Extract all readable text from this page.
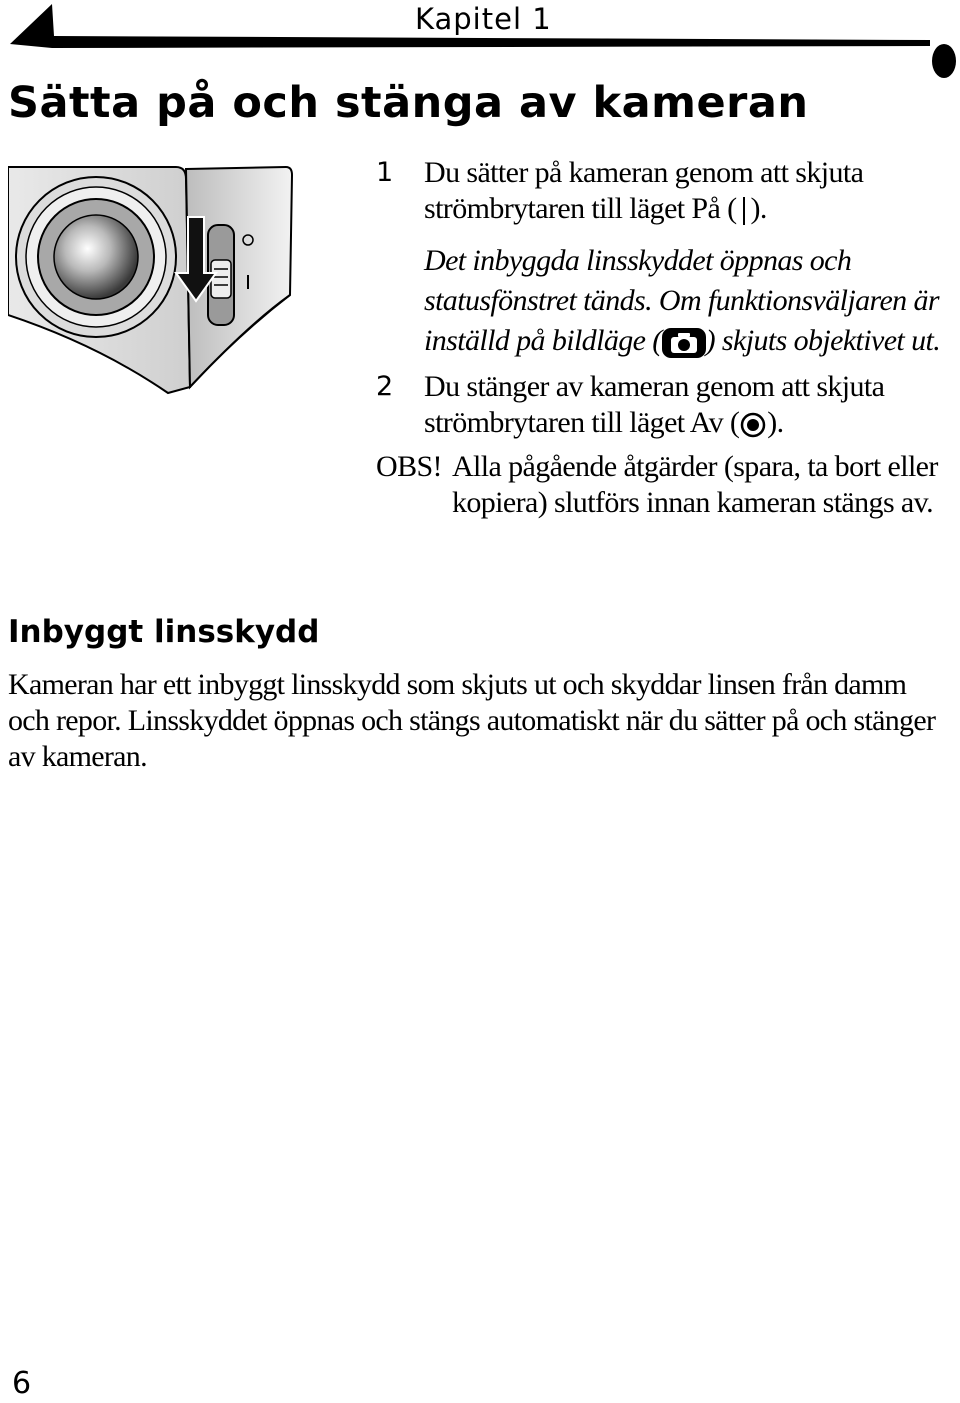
Kapitel 1
Sätta på och stänga av kameran
1	Du sätter på kameran genom att skjuta strömbrytaren till läget På ( ).
Det inbyggda linsskyddet öppnas och statusfönstret tänds. Om funktionsväljaren är inställd på bildläge ( ) skjuts objektivet ut.
2	Du stänger av kameran genom att skjuta strömbrytaren till läget Av ( ).
OBS! Alla pågående åtgärder (spara, ta bort eller kopiera) slutförs innan kameran stängs av.
Inbyggt linsskydd

Kameran har ett inbyggt linsskydd som skjuts ut och skyddar linsen från damm och repor. Linsskyddet öppnas och stängs automatiskt när du sätter på och stänger av kameran.

6
